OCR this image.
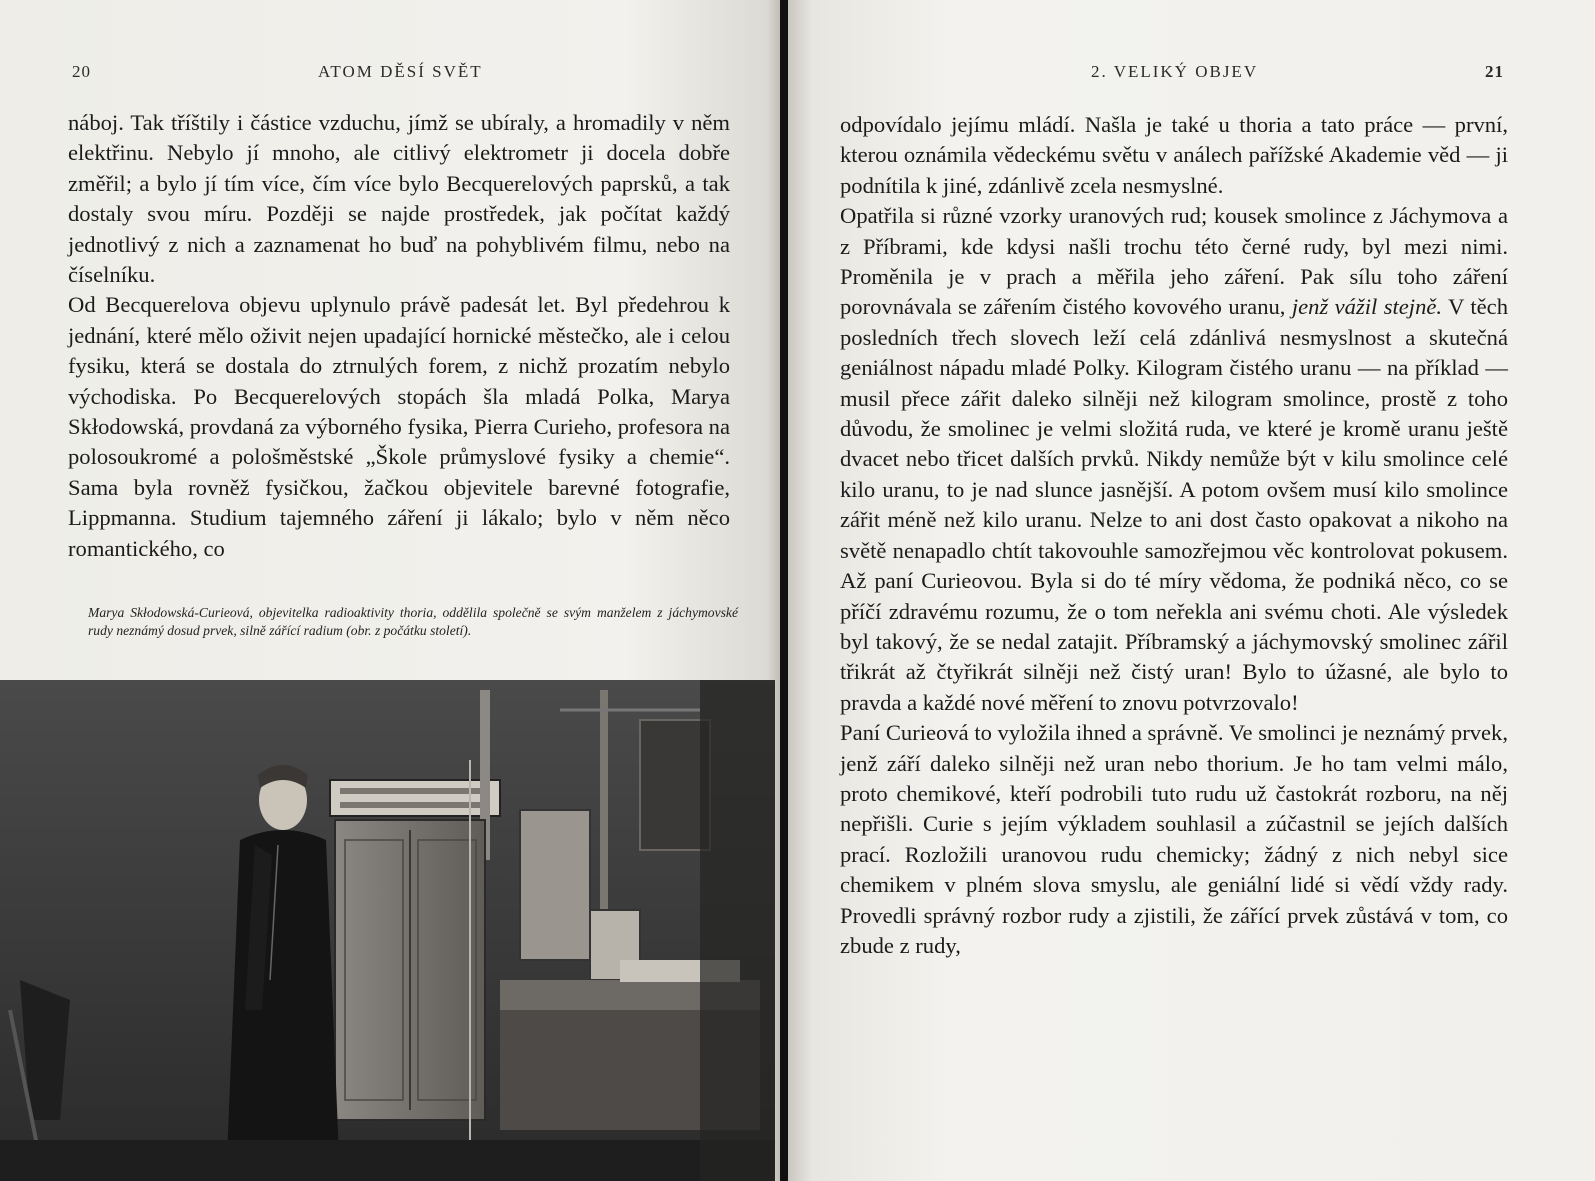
20	ATOM DĚSÍ SVĚT

náboj. Tak tříštily i částice vzduchu, jímž se ubíraly, a hromadily v něm elektřinu. Nebylo jí mnoho, ale citlivý elektrometr ji docela dobře změřil; a bylo jí tím více, čím více bylo Becquerelových paprsků, a tak dostaly svou míru. Později se najde prostředek, jak počítat každý jednotlivý z nich a zaznamenat ho buď na pohyblivém filmu, nebo na číselníku.

Od Becquerelova objevu uplynulo právě padesát let. Byl předehrou k jednání, které mělo oživit nejen upadající hornické městečko, ale i celou fysiku, která se dostala do ztrnulých forem, z nichž prozatím nebylo východiska. Po Becquerelových stopách šla mladá Polka, Marya Skłodowská, provdaná za výborného fysika, Pierra Curieho, profesora na polosoukromé a pološměstské „Škole průmyslové fysiky a chemie“. Sama byla rovněž fysičkou, žačkou objevitele barevné fotografie, Lippmanna. Studium tajemného záření ji lákalo; bylo v něm něco romantického, co

Marya Skłodowská-Curieová, objevitelka radioaktivity thoria, oddělila společně se svým manželem z jáchymovské rudy neznámý dosud prvek, silně zářící radium (obr. z počátku století).
2. VELIKÝ OBJEV	21

odpovídalo jejímu mládí. Našla je také u thoria a tato práce — první, kterou oznámila vědeckému světu v análech pařížské Akademie věd — ji podnítila k jiné, zdánlivě zcela nesmyslné.

Opatřila si různé vzorky uranových rud; kousek smolince z Jáchymova a z Příbrami, kde kdysi našli trochu této černé rudy, byl mezi nimi. Proměnila je v prach a měřila jeho záření. Pak sílu toho záření porovnávala se zářením čistého kovového uranu, jenž vážil stejně. V těch posledních třech slovech leží celá zdánlivá nesmyslnost a skutečná geniálnost nápadu mladé Polky. Kilogram čistého uranu — na příklad — musil přece zářit daleko silněji než kilogram smolince, prostě z toho důvodu, že smolinec je velmi složitá ruda, ve které je kromě uranu ještě dvacet nebo třicet dalších prvků. Nikdy nemůže být v kilu smolince celé kilo uranu, to je nad slunce jasnější. A potom ovšem musí kilo smolince zářit méně než kilo uranu. Nelze to ani dost často opakovat a nikoho na světě nenapadlo chtít takovouhle samozřejmou věc kontrolovat pokusem. Až paní Curieovou. Byla si do té míry vědoma, že podniká něco, co se příčí zdravému rozumu, že o tom neřekla ani svému choti. Ale výsledek byl takový, že se nedal zatajit. Příbramský a jáchymovský smolinec zářil třikrát až čtyřikrát silněji než čistý uran! Bylo to úžasné, ale bylo to pravda a každé nové měření to znovu potvrzovalo!

Paní Curieová to vyložila ihned a správně. Ve smolinci je neznámý prvek, jenž září daleko silněji než uran nebo thorium. Je ho tam velmi málo, proto chemikové, kteří podrobili tuto rudu už častokrát rozboru, na něj nepřišli. Curie s jejím výkladem souhlasil a zúčastnil se jejích dalších prací. Rozložili uranovou rudu chemicky; žádný z nich nebyl sice chemikem v plném slova smyslu, ale geniální lidé si vědí vždy rady. Provedli správný rozbor rudy a zjistili, že zářící prvek zůstává v tom, co zbude z rudy,
